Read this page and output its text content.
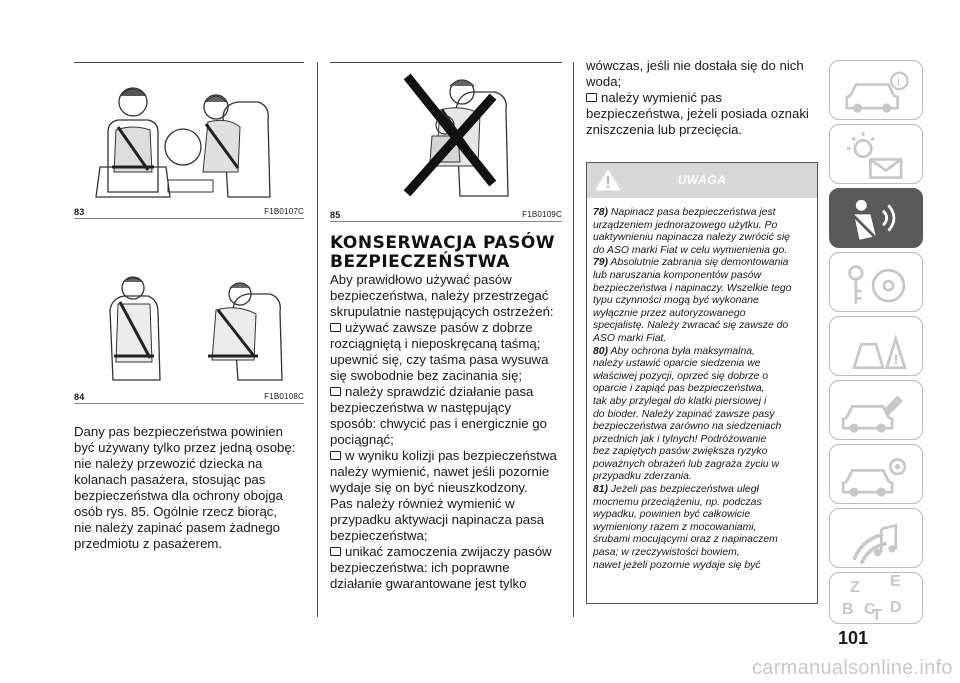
83	F1B0107C
84	F1B0108C

Dany pas bezpieczeństwa powinien

być używany tylko przez jedną osobę:

nie należy przewozić dziecka na

kolanach pasażera, stosując pas

bezpieczeństwa dla ochrony obojga

osób rys. 85. Ogólnie rzecz biorąc,

nie należy zapinać pasem żadnego

przedmiotu z pasażerem.

85	F1B0109C
KONSERWACJA PASÓW
BEZPIECZEŃSTWA

Aby prawidłowo używać pasów

bezpieczeństwa, należy przestrzegać

skrupulatnie następujących ostrzeżeń:

używać zawsze pasów z dobrze

rozciągniętą i nieposkręcaną taśmą;

upewnić się, czy taśma pasa wysuwa

się swobodnie bez zacinania się;

należy sprawdzić działanie pasa

bezpieczeństwa w następujący

sposób: chwycić pas i energicznie go

pociągnąć;

w wyniku kolizji pas bezpieczeństwa

należy wymienić, nawet jeśli pozornie

wydaje się on być nieuszkodzony.

Pas należy również wymienić w

przypadku aktywacji napinacza pasa

bezpieczeństwa;

unikać zamoczenia zwijaczy pasów

bezpieczeństwa: ich poprawne

działanie gwarantowane jest tylko

wówczas, jeśli nie dostała się do nich

woda;

należy wymienić pas

bezpieczeństwa, jeżeli posiada oznaki

zniszczenia lub przecięcia.

UWAGA

78) Napinacz pasa bezpieczeństwa jest

urządzeniem jednorazowego użytku. Po

uaktywnieniu napinacza należy zwrócić się

do ASO marki Fiat w celu wymienienia go.

79) Absolutnie zabrania się demontowania

lub naruszania komponentów pasów

bezpieczeństwa i napinaczy. Wszelkie tego

typu czynności mogą być wykonane

wyłącznie przez autoryzowanego

specjalistę. Należy zwracać się zawsze do

ASO marki Fiat.

80) Aby ochrona była maksymalna,

należy ustawić oparcie siedzenia we

właściwej pozycji, oprzeć się dobrze o

oparcie i zapiąć pas bezpieczeństwa,

tak aby przylegał do klatki piersiowej i

do bioder. Należy zapinać zawsze pasy

bezpieczeństwa zarówno na siedzeniach

przednich jak i tylnych! Podróżowanie

bez zapiętych pasów zwiększa ryzyko

poważnych obrażeń lub zagraża życiu w

przypadku zderzania.

81) Jeżeli pas bezpieczeństwa uległ

mocnemu przeciążeniu, np. podczas

wypadku, powinien być całkowicie

wymieniony razem z mocowaniami,

śrubami mocującymi oraz z napinaczem

pasa; w rzeczywistości bowiem,

nawet jeżeli pozornie wydaje się być

i
!
Z E
B C D
T
101
carmanualsonline.info
